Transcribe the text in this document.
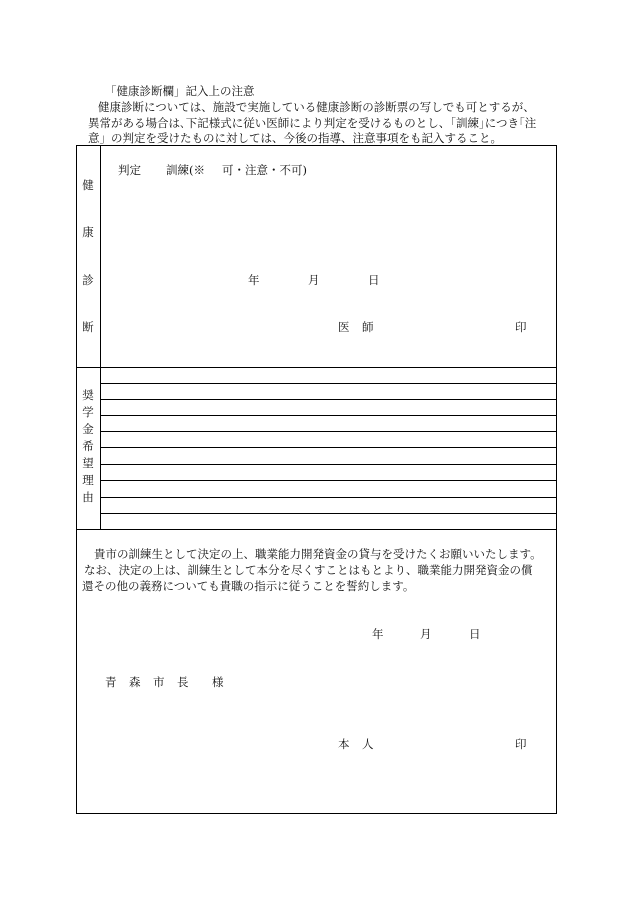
「健康診断欄」記入上の注意
健康診断については、施設で実施している健康診断の診断票の写しでも可とするが、
異常がある場合は､下記様式に従い医師により判定を受けるものとし、｢訓練｣につき｢注
意」の判定を受けたものに対しては、今後の指導、注意事項をも記入すること。
健
康
診
断
判定 訓練(※ 可・注意・不可)
年	月	日
医 師	印
奨
学
金
希
望
理
由
貴市の訓練生として決定の上、職業能力開発資金の貸与を受けたくお願いいたします。
なお、決定の上は、訓練生として本分を尽くすことはもとより、職業能力開発資金の償
還その他の義務についても貴職の指示に従うことを誓約します。
年	月	日
青 森 市 長 様
本 人	印
